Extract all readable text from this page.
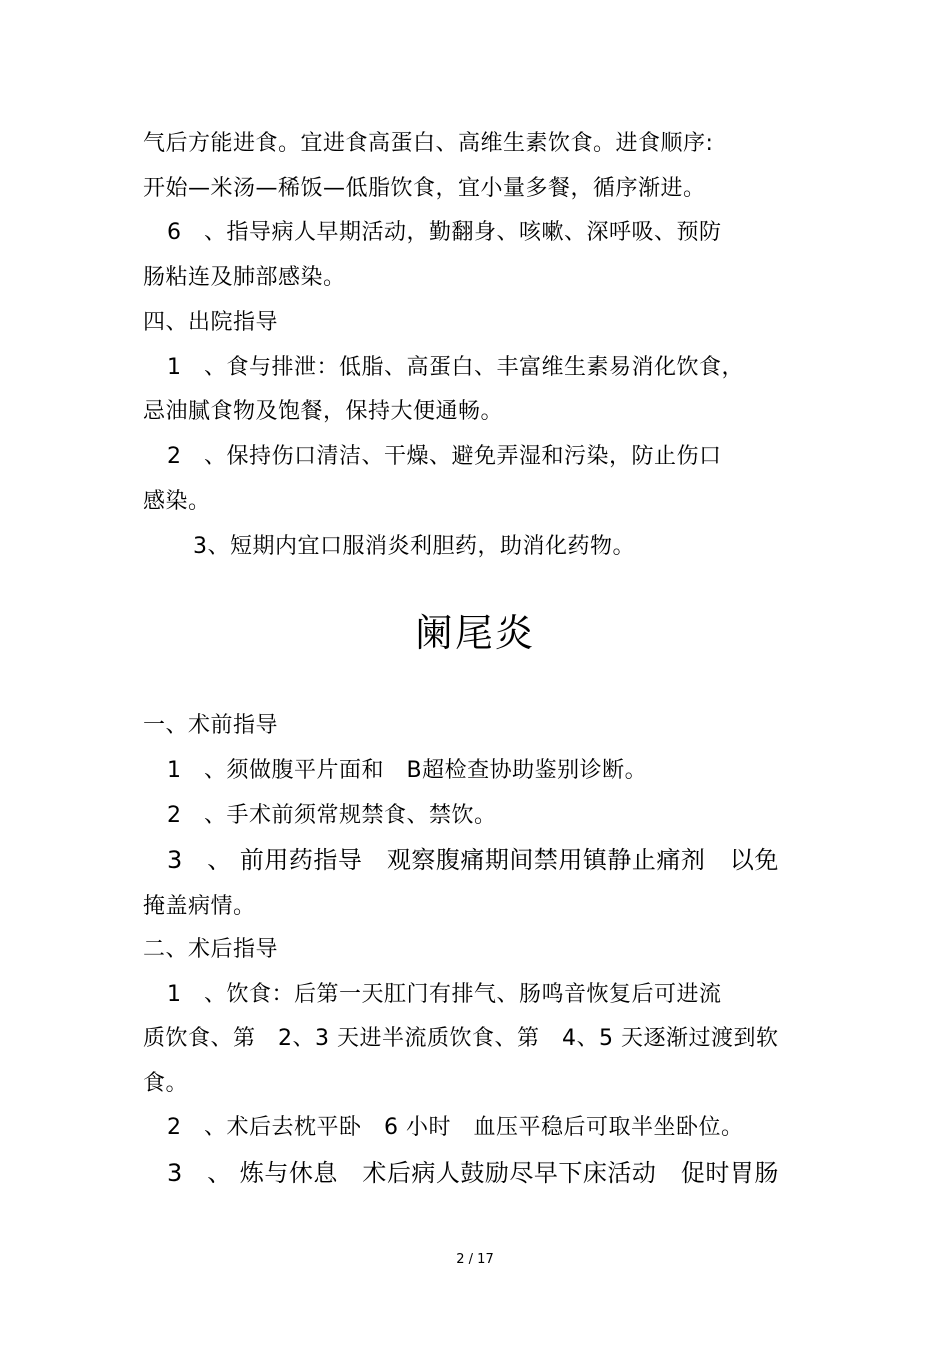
气后方能进食。宜进食高蛋白、高维生素饮食。进食顺序:
开始—米汤—稀饭—低脂饮食，宜小量多餐，循序渐进。
6　、指导病人早期活动，勤翻身、咳嗽、深呼吸、预防
肠粘连及肺部感染。
四、出院指导
1　、食与排泄：低脂、高蛋白、丰富维生素易消化饮食，
忌油腻食物及饱餐，保持大便通畅。
2　、保持伤口清洁、干燥、避免弄湿和污染，防止伤口
感染。
3、短期内宜口服消炎利胆药，助消化药物。
阑尾炎
一、术前指导
1　、须做腹平片面和　B超检查协助鉴别诊断。
2　、手术前须常规禁食、禁饮。
3　、 前用药指导　观察腹痛期间禁用镇静止痛剂　以免
掩盖病情。
二、术后指导
1　、饮食：后第一天肛门有排气、肠鸣音恢复后可进流
质饮食、第　2、3 天进半流质饮食、第　4、5 天逐渐过渡到软
食。
2　、术后去枕平卧　6 小时　血压平稳后可取半坐卧位。
3　、 炼与休息　术后病人鼓励尽早下床活动　促时胃肠
2 / 17
